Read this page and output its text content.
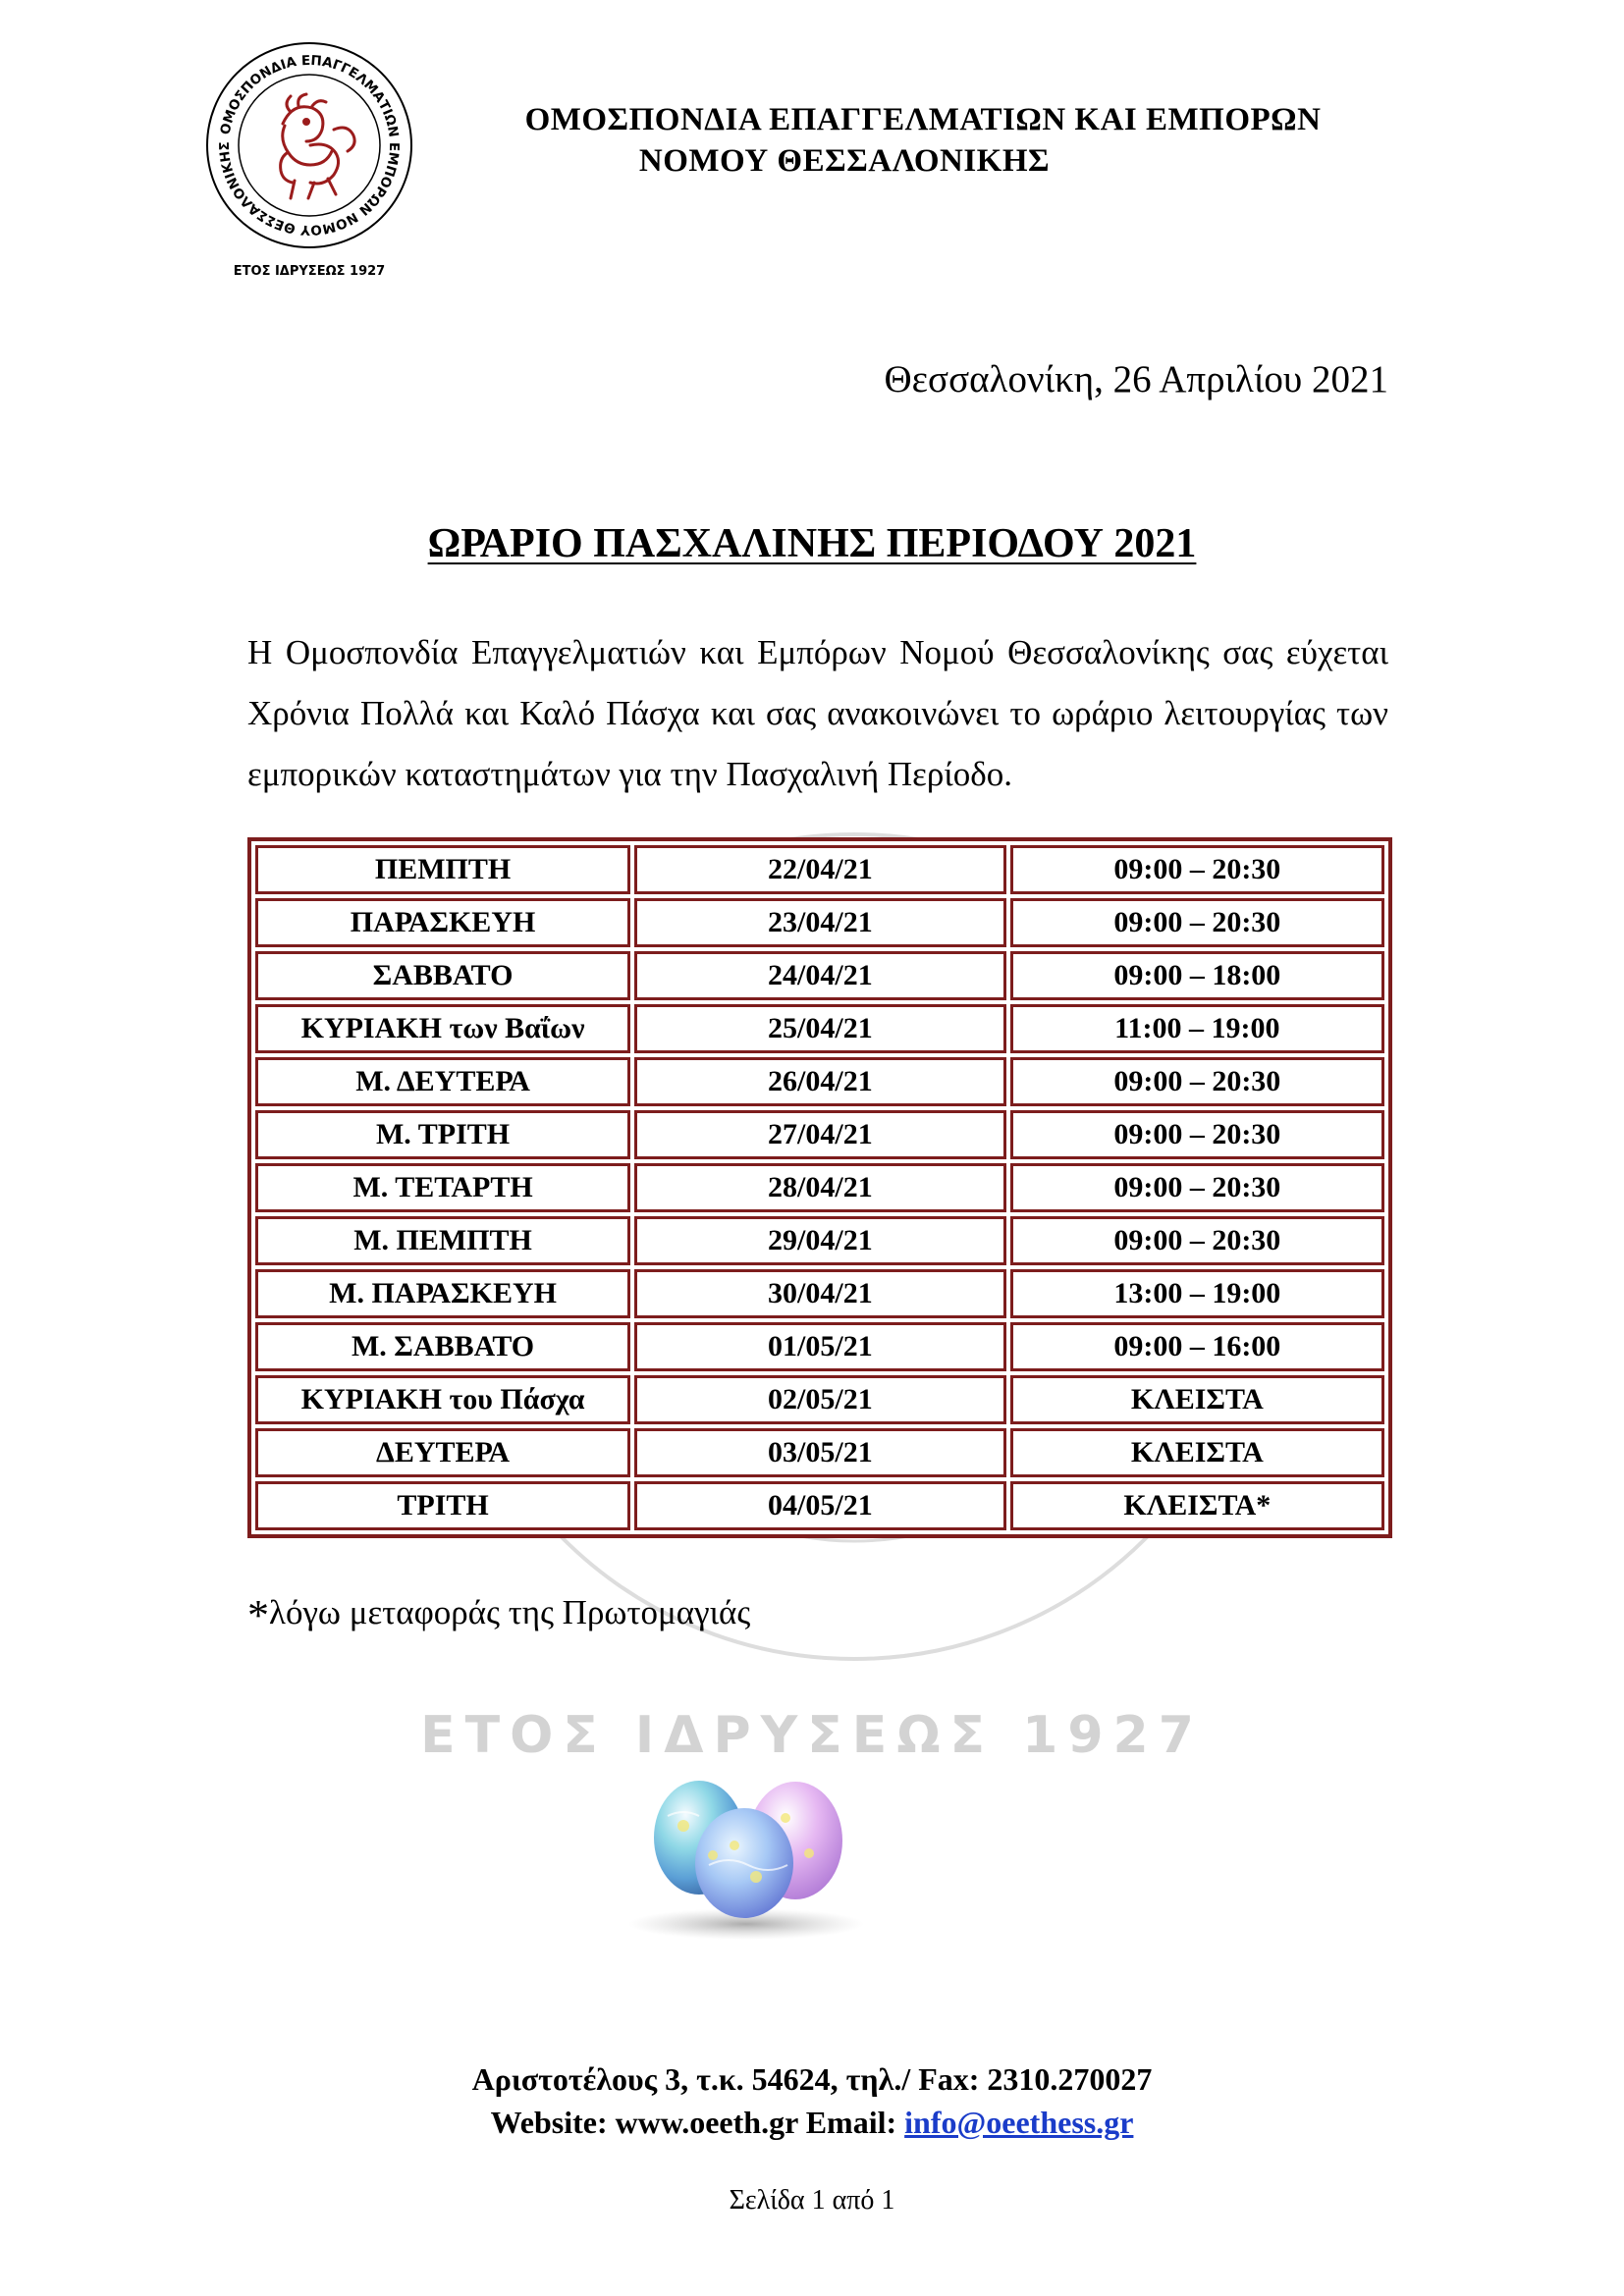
ΟΜΟΣΠΟΝΔΙΑ ΕΠΑΓΓΕΛΜΑΤΙΩΝ ΕΜΠΟΡΩΝ ΝΟΜΟΥ ΘΕΣΣΑΛΟΝΙΚΗΣ
ΕΤΟΣ ΙΔΡΥΣΕΩΣ 1927
ΟΜΟΣΠΟΝΔΙΑ ΕΠΑΓΓΕΛΜΑΤΙΩΝ ΚΑΙ ΕΜΠΟΡΩΝ
ΝΟΜΟΥ ΘΕΣΣΑΛΟΝΙΚΗΣ
Θεσσαλονίκη, 26 Απριλίου 2021
ΩΡΑΡΙΟ ΠΑΣΧΑΛΙΝΗΣ ΠΕΡΙΟΔΟΥ 2021
Η Ομοσπονδία Επαγγελματιών και Εμπόρων Νομού Θεσσαλονίκης σας εύχεται Χρόνια Πολλά και Καλό Πάσχα και σας ανακοινώνει το ωράριο λειτουργίας των εμπορικών καταστημάτων για την Πασχαλινή Περίοδο.
ΠΕΜΠΤΗ	22/04/21	09:00 – 20:30
ΠΑΡΑΣΚΕΥΗ	23/04/21	09:00 – 20:30
ΣΑΒΒΑΤΟ	24/04/21	09:00 – 18:00
ΚΥΡΙΑΚΗ των Βαΐων	25/04/21	11:00 – 19:00
Μ. ΔΕΥΤΕΡΑ	26/04/21	09:00 – 20:30
Μ. ΤΡΙΤΗ	27/04/21	09:00 – 20:30
Μ. ΤΕΤΑΡΤΗ	28/04/21	09:00 – 20:30
Μ. ΠΕΜΠΤΗ	29/04/21	09:00 – 20:30
Μ. ΠΑΡΑΣΚΕΥΗ	30/04/21	13:00 – 19:00
Μ. ΣΑΒΒΑΤΟ	01/05/21	09:00 – 16:00
ΚΥΡΙΑΚΗ του Πάσχα	02/05/21	ΚΛΕΙΣΤΑ
ΔΕΥΤΕΡΑ	03/05/21	ΚΛΕΙΣΤΑ
ΤΡΙΤΗ	04/05/21	ΚΛΕΙΣΤΑ*
*λόγω μεταφοράς της Πρωτομαγιάς
ΕΤΟΣ ΙΔΡΥΣΕΩΣ 1927
Αριστοτέλους 3, τ.κ. 54624, τηλ./ Fax: 2310.270027
Website: www.oeeth.gr Email: info@oeethess.gr
Σελίδα 1 από 1
